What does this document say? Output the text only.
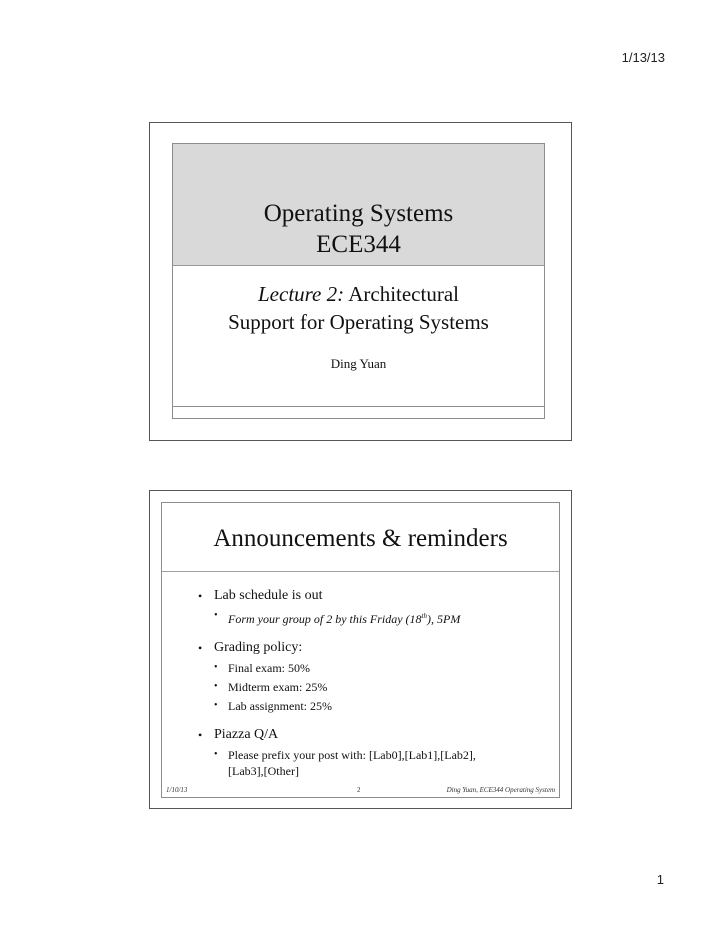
1/13/13
Operating Systems
ECE344
Lecture 2: Architectural
Support for Operating Systems
Ding Yuan
Announcements & reminders
• Lab schedule is out
• Form your group of 2 by this Friday (18th), 5PM
• Grading policy:
• Final exam: 50%
• Midterm exam: 25%
• Lab assignment: 25%
• Piazza Q/A
• Please prefix your post with: [Lab0],[Lab1],[Lab2],
[Lab3],[Other]
1/10/13	2	Ding Yuan, ECE344 Operating System
1
